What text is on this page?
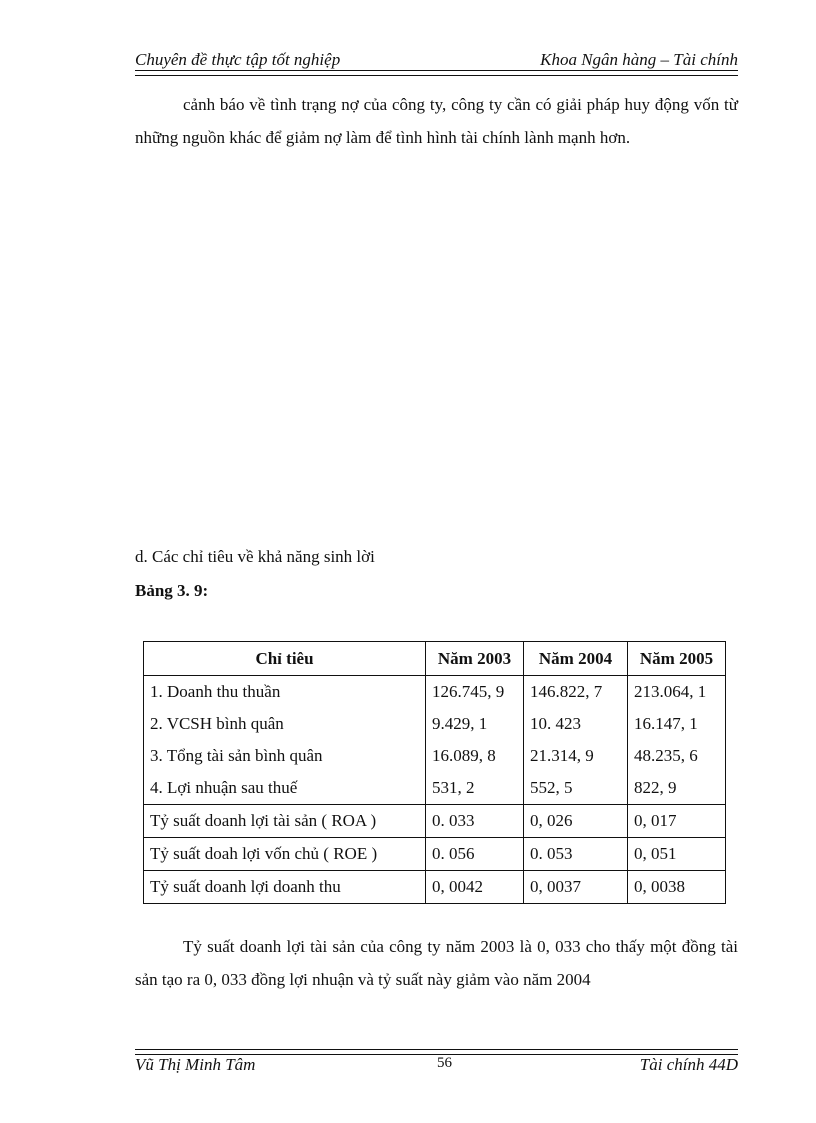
Chuyên đề thực tập tốt nghiệp	Khoa Ngân hàng – Tài chính

cảnh báo về tình trạng nợ của công ty, công ty cần có giải pháp huy động vốn từ những nguồn khác để giảm nợ làm để tình hình tài chính lành mạnh hơn.

d. Các chỉ tiêu về khả năng sinh lời
Bảng 3. 9:
Chỉ tiêu	Năm 2003	Năm 2004	Năm 2005
1. Doanh thu thuần	126.745, 9	146.822, 7	213.064, 1
2. VCSH bình quân	9.429, 1	10. 423	16.147, 1
3. Tổng tài sản bình quân	16.089, 8	21.314, 9	48.235, 6
4. Lợi nhuận sau thuế	531, 2	552, 5	822, 9
Tỷ suất doanh lợi tài sản ( ROA )	0. 033	0, 026	0, 017
Tỷ suất doah lợi vốn chủ ( ROE )	0. 056	0. 053	0, 051
Tỷ suất doanh lợi doanh thu	0, 0042	0, 0037	0, 0038

Tỷ suất doanh lợi tài sản của công ty năm 2003 là 0, 033 cho thấy một đồng tài sản tạo ra 0, 033 đồng lợi nhuận và tỷ suất này giảm vào năm 2004

Vũ Thị Minh Tâm	56	Tài chính 44D
